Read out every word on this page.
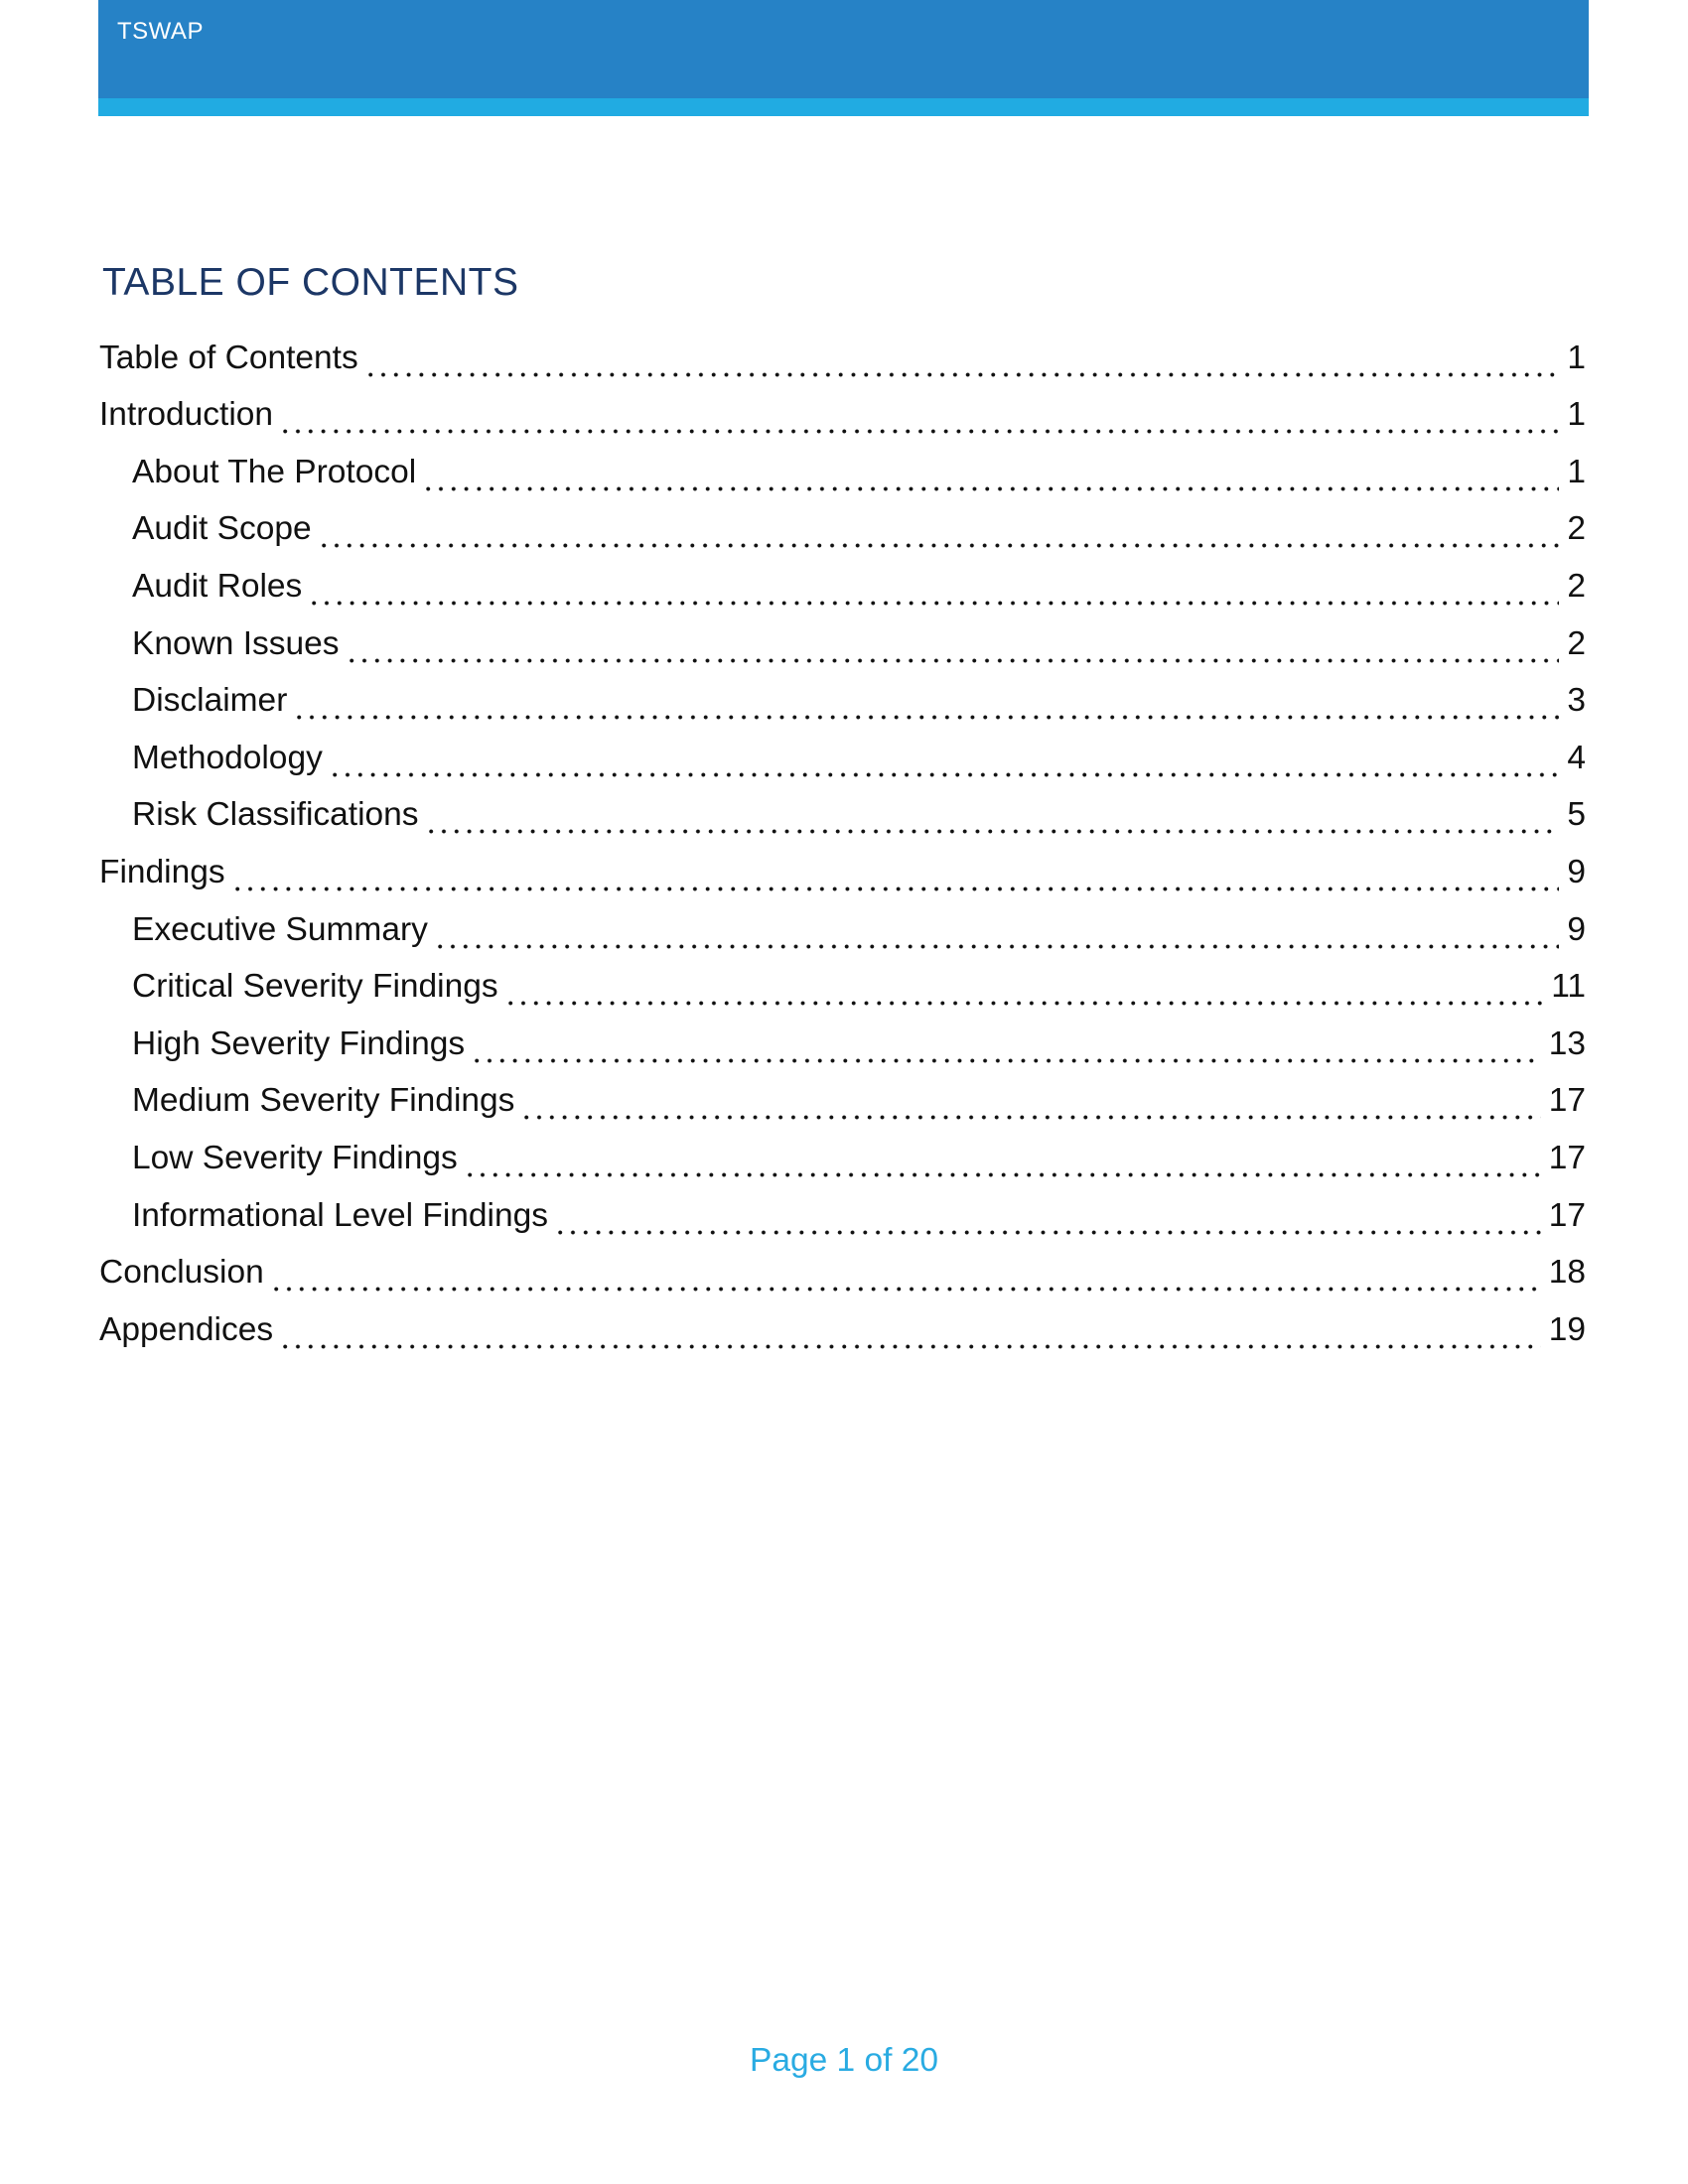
TSWAP
TABLE OF CONTENTS
Table of Contents	1
Introduction	1
About The Protocol	1
Audit Scope	2
Audit Roles	2
Known Issues	2
Disclaimer	3
Methodology	4
Risk Classifications	5
Findings	9
Executive Summary	9
Critical Severity Findings	11
High Severity Findings	13
Medium Severity Findings	17
Low Severity Findings	17
Informational Level Findings	17
Conclusion	18
Appendices	19
Page 1 of 20
